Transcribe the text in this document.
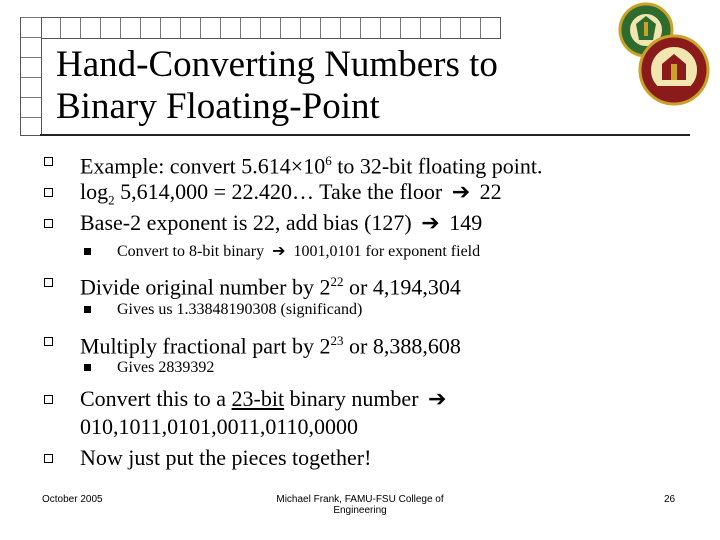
Hand-Converting Numbers to
Binary Floating-Point
Example: convert $5.614\times 10^6$ to 32-bit floating point.
$\log_2 5,614,000$ = 22.420… Take the floor ➔ 22
Base-2 exponent is 22, add bias (127) ➔ 149
Convert to 8-bit binary ➔ 1001,0101 for exponent field
Divide original number by $2^{22}$ or 4,194,304
Gives us 1.33848190308 (significand)
Multiply fractional part by $2^{23}$ or 8,388,608
Gives 2839392
Convert this to a 23-bit binary number ➔
010,1011,0101,0011,0110,0000
Now just put the pieces together!
October 2005	Michael Frank, FAMU-FSU College of
Engineering
26
